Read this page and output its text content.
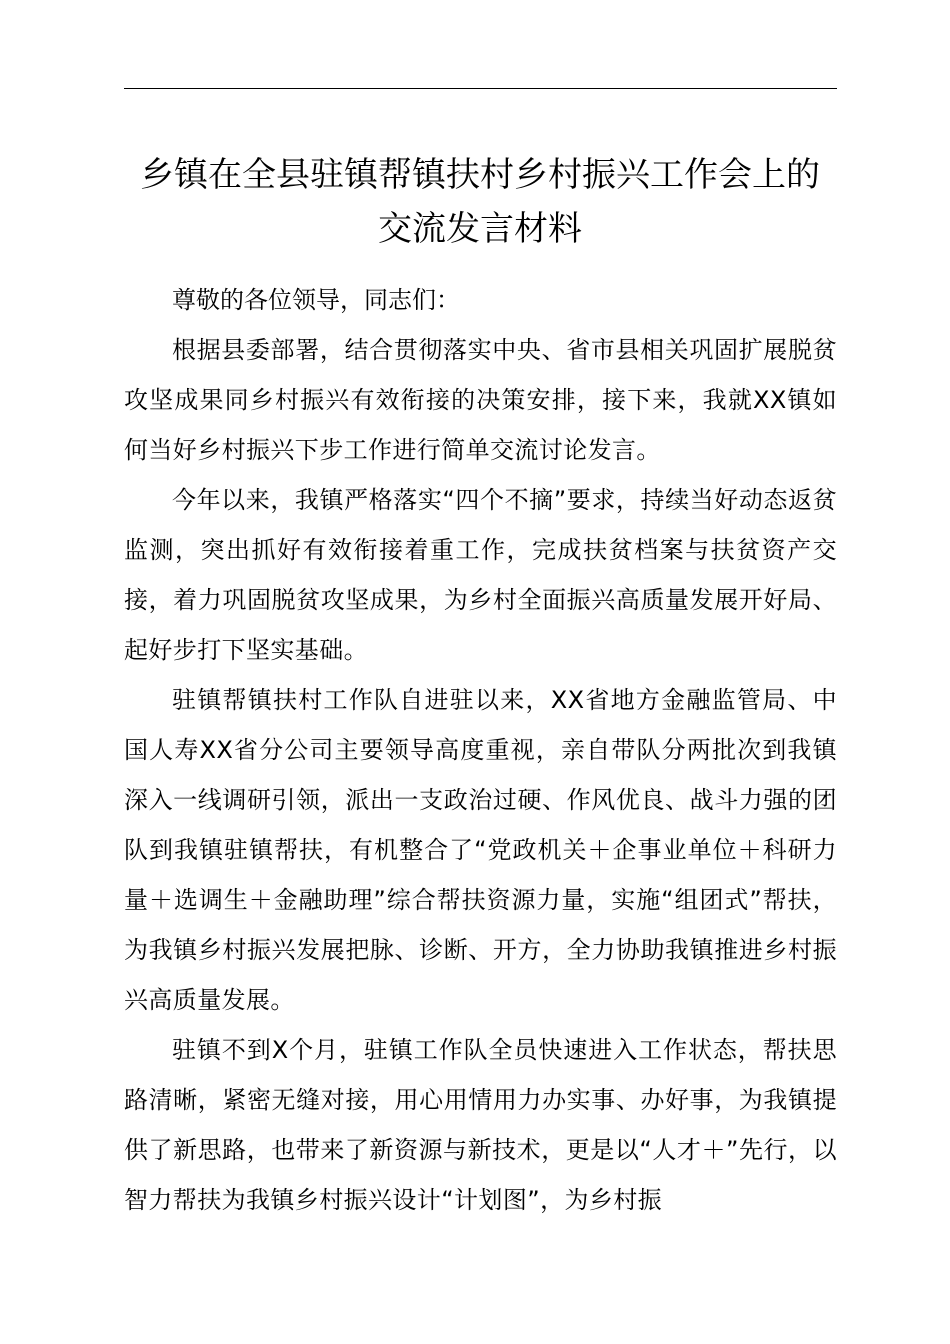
乡镇在全县驻镇帮镇扶村乡村振兴工作会上的
交流发言材料

尊敬的各位领导，同志们：

根据县委部署，结合贯彻落实中央、省市县相关巩固扩展脱贫攻坚成果同乡村振兴有效衔接的决策安排，接下来，我就XX镇如何当好乡村振兴下步工作进行简单交流讨论发言。

今年以来，我镇严格落实“四个不摘”要求，持续当好动态返贫监测，突出抓好有效衔接着重工作，完成扶贫档案与扶贫资产交接，着力巩固脱贫攻坚成果，为乡村全面振兴高质量发展开好局、起好步打下坚实基础。

驻镇帮镇扶村工作队自进驻以来，XX省地方金融监管局、中国人寿XX省分公司主要领导高度重视，亲自带队分两批次到我镇深入一线调研引领，派出一支政治过硬、作风优良、战斗力强的团队到我镇驻镇帮扶，有机整合了“党政机关＋企事业单位＋科研力量＋选调生＋金融助理”综合帮扶资源力量，实施“组团式”帮扶，为我镇乡村振兴发展把脉、诊断、开方，全力协助我镇推进乡村振兴高质量发展。

驻镇不到X个月，驻镇工作队全员快速进入工作状态，帮扶思路清晰，紧密无缝对接，用心用情用力办实事、办好事，为我镇提供了新思路，也带来了新资源与新技术，更是以“人才＋”先行，以智力帮扶为我镇乡村振兴设计“计划图”，为乡村振
